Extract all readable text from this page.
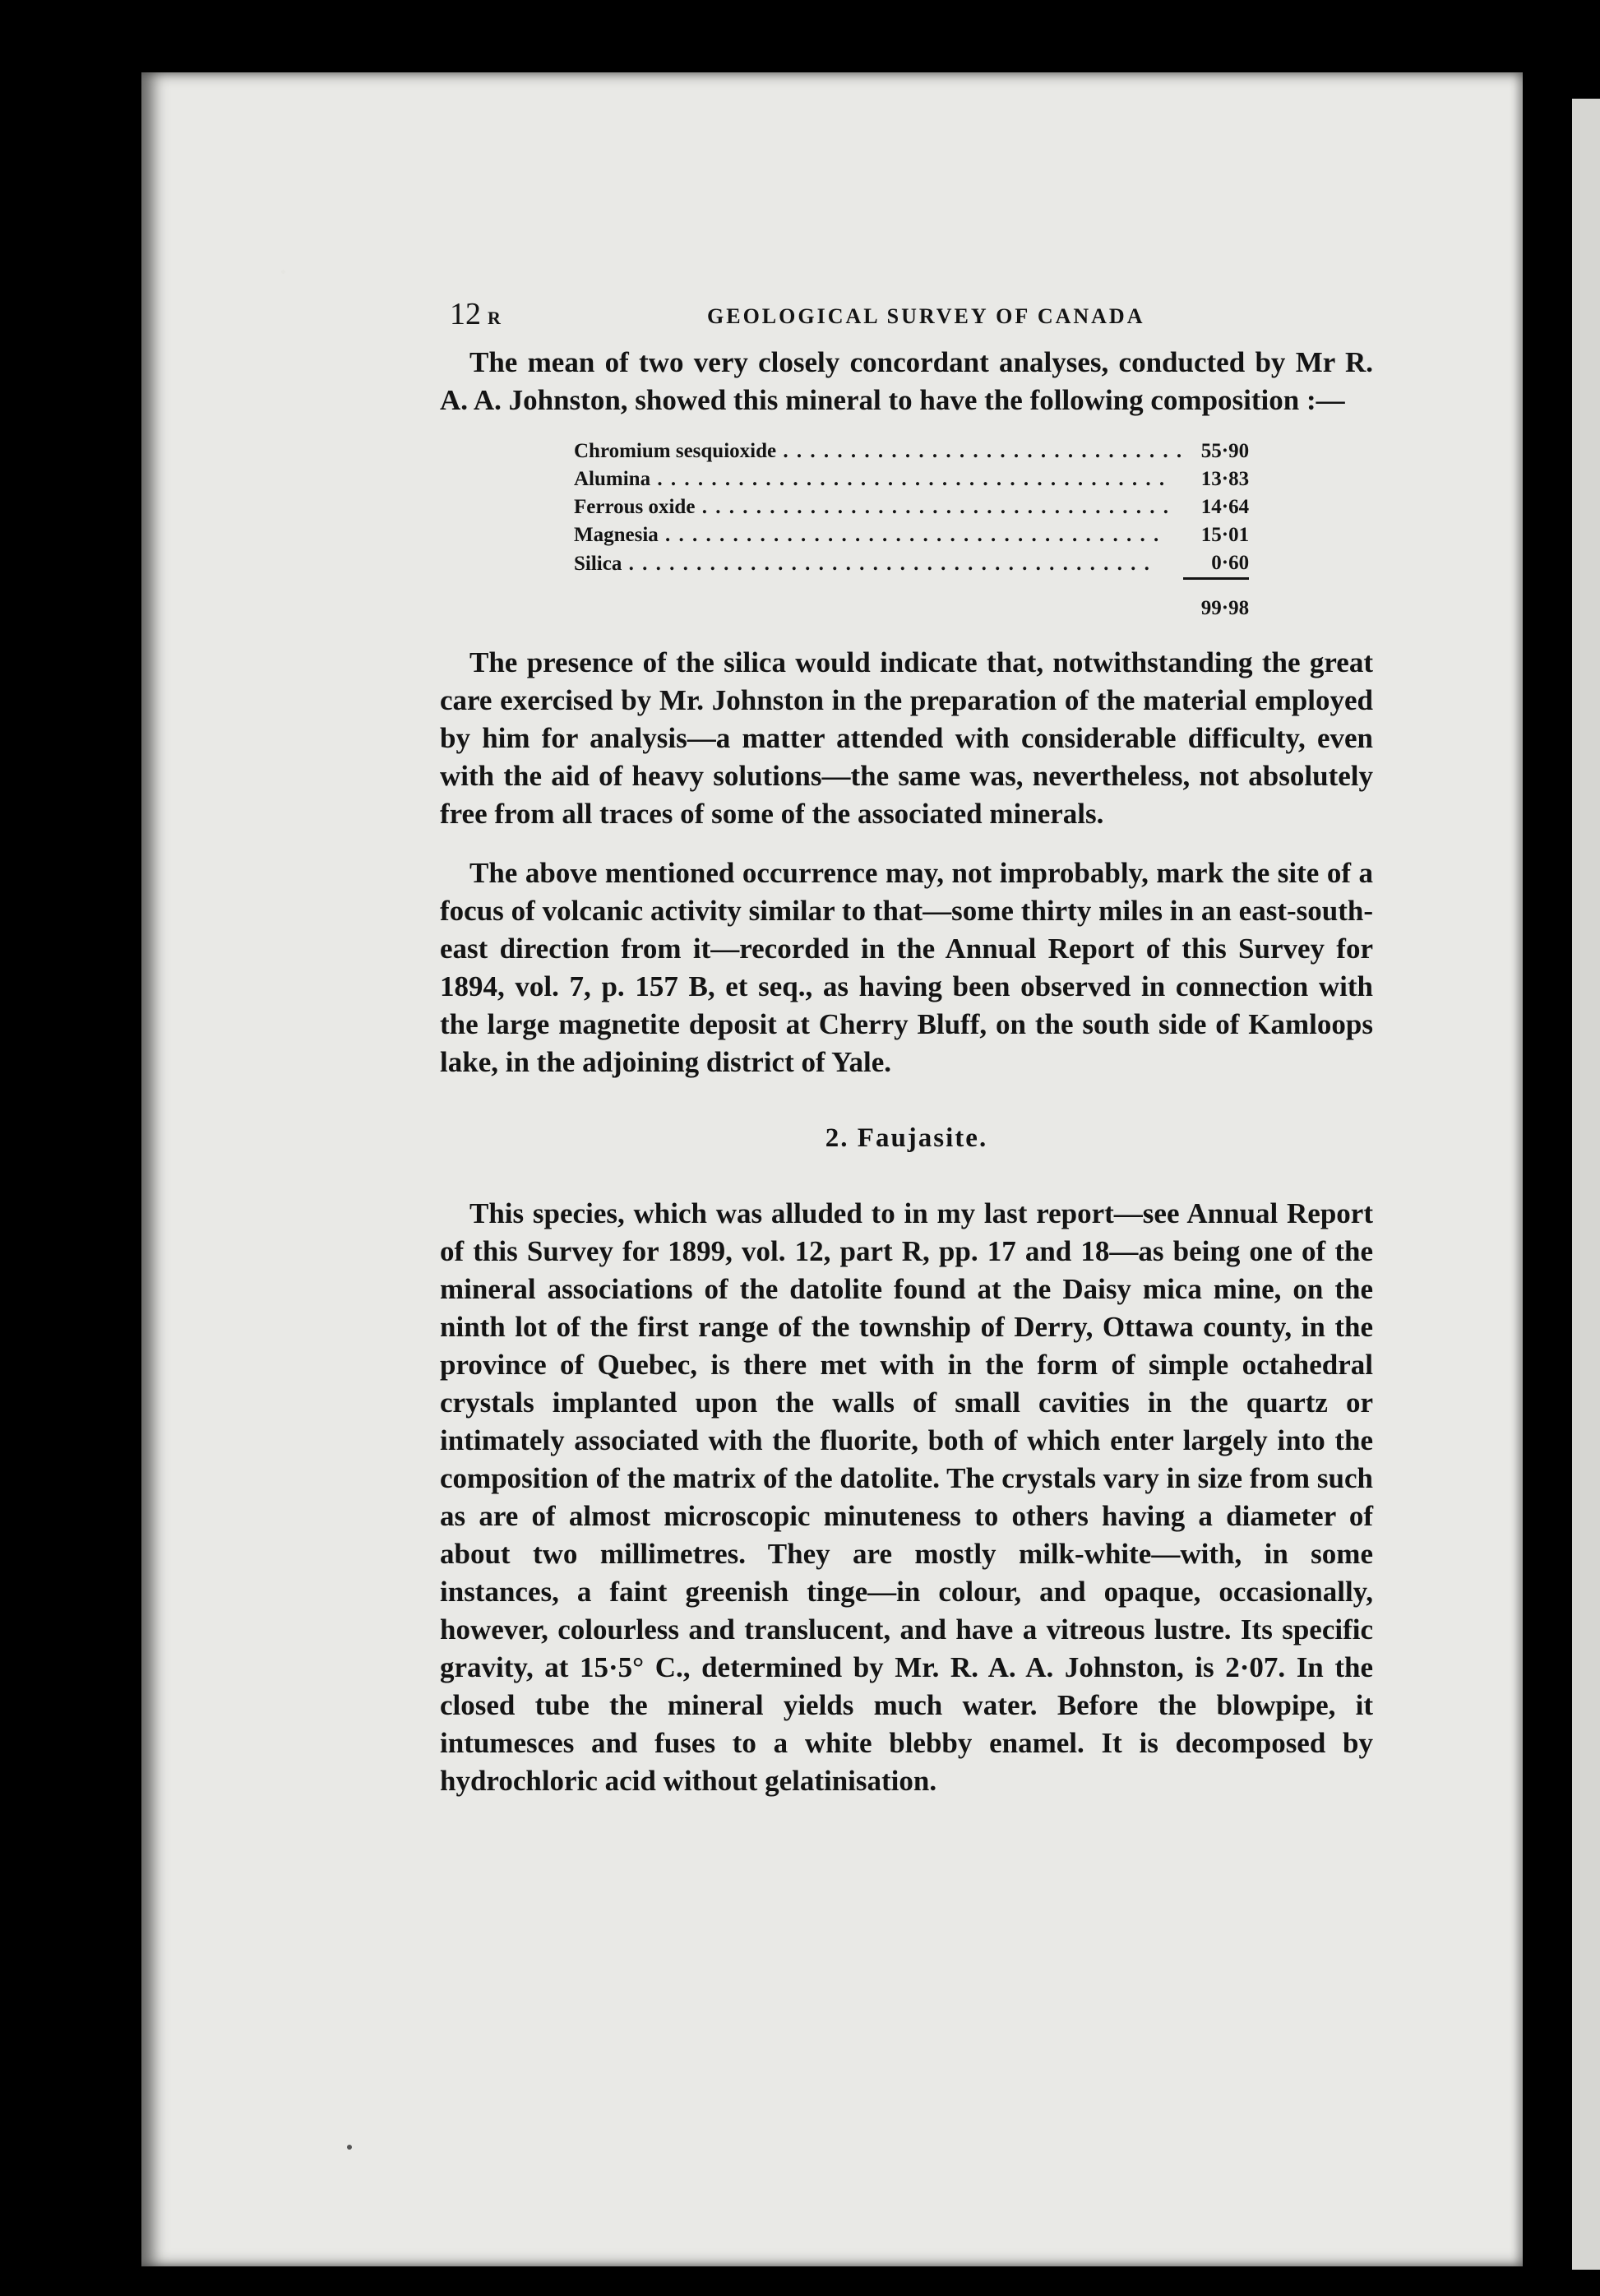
12 R	GEOLOGICAL SURVEY OF CANADA

The mean of two very closely concordant analyses, conducted by Mr R. A. A. Johnston, showed this mineral to have the following composition :—

Chromium sesquioxide . . . . . . . . . . . . . . . . . . . . . . . . . . . . . .	55·90
Alumina . . . . . . . . . . . . . . . . . . . . . . . . . . . . . . . . . . . . . .	13·83
Ferrous oxide . . . . . . . . . . . . . . . . . . . . . . . . . . . . . . . . . . .	14·64
Magnesia . . . . . . . . . . . . . . . . . . . . . . . . . . . . . . . . . . . . .	15·01
Silica . . . . . . . . . . . . . . . . . . . . . . . . . . . . . . . . . . . . . . .	0·60
	99·98

The presence of the silica would indicate that, notwithstanding the great care exercised by Mr. Johnston in the preparation of the material employed by him for analysis—a matter attended with considerable difficulty, even with the aid of heavy solutions—the same was, nevertheless, not absolutely free from all traces of some of the associated minerals.

The above mentioned occurrence may, not improbably, mark the site of a focus of volcanic activity similar to that—some thirty miles in an east-south-east direction from it—recorded in the Annual Report of this Survey for 1894, vol. 7, p. 157 B, et seq., as having been observed in connection with the large magnetite deposit at Cherry Bluff, on the south side of Kamloops lake, in the adjoining district of Yale.

2. Faujasite.

This species, which was alluded to in my last report—see Annual Report of this Survey for 1899, vol. 12, part R, pp. 17 and 18—as being one of the mineral associations of the datolite found at the Daisy mica mine, on the ninth lot of the first range of the township of Derry, Ottawa county, in the province of Quebec, is there met with in the form of simple octahedral crystals implanted upon the walls of small cavities in the quartz or intimately associated with the fluorite, both of which enter largely into the composition of the matrix of the datolite. The crystals vary in size from such as are of almost microscopic minuteness to others having a diameter of about two millimetres. They are mostly milk-white—with, in some instances, a faint greenish tinge—in colour, and opaque, occasionally, however, colourless and translucent, and have a vitreous lustre. Its specific gravity, at 15·5° C., determined by Mr. R. A. A. Johnston, is 2·07. In the closed tube the mineral yields much water. Before the blowpipe, it intumesces and fuses to a white blebby enamel. It is decomposed by hydrochloric acid without gelatinisation.
